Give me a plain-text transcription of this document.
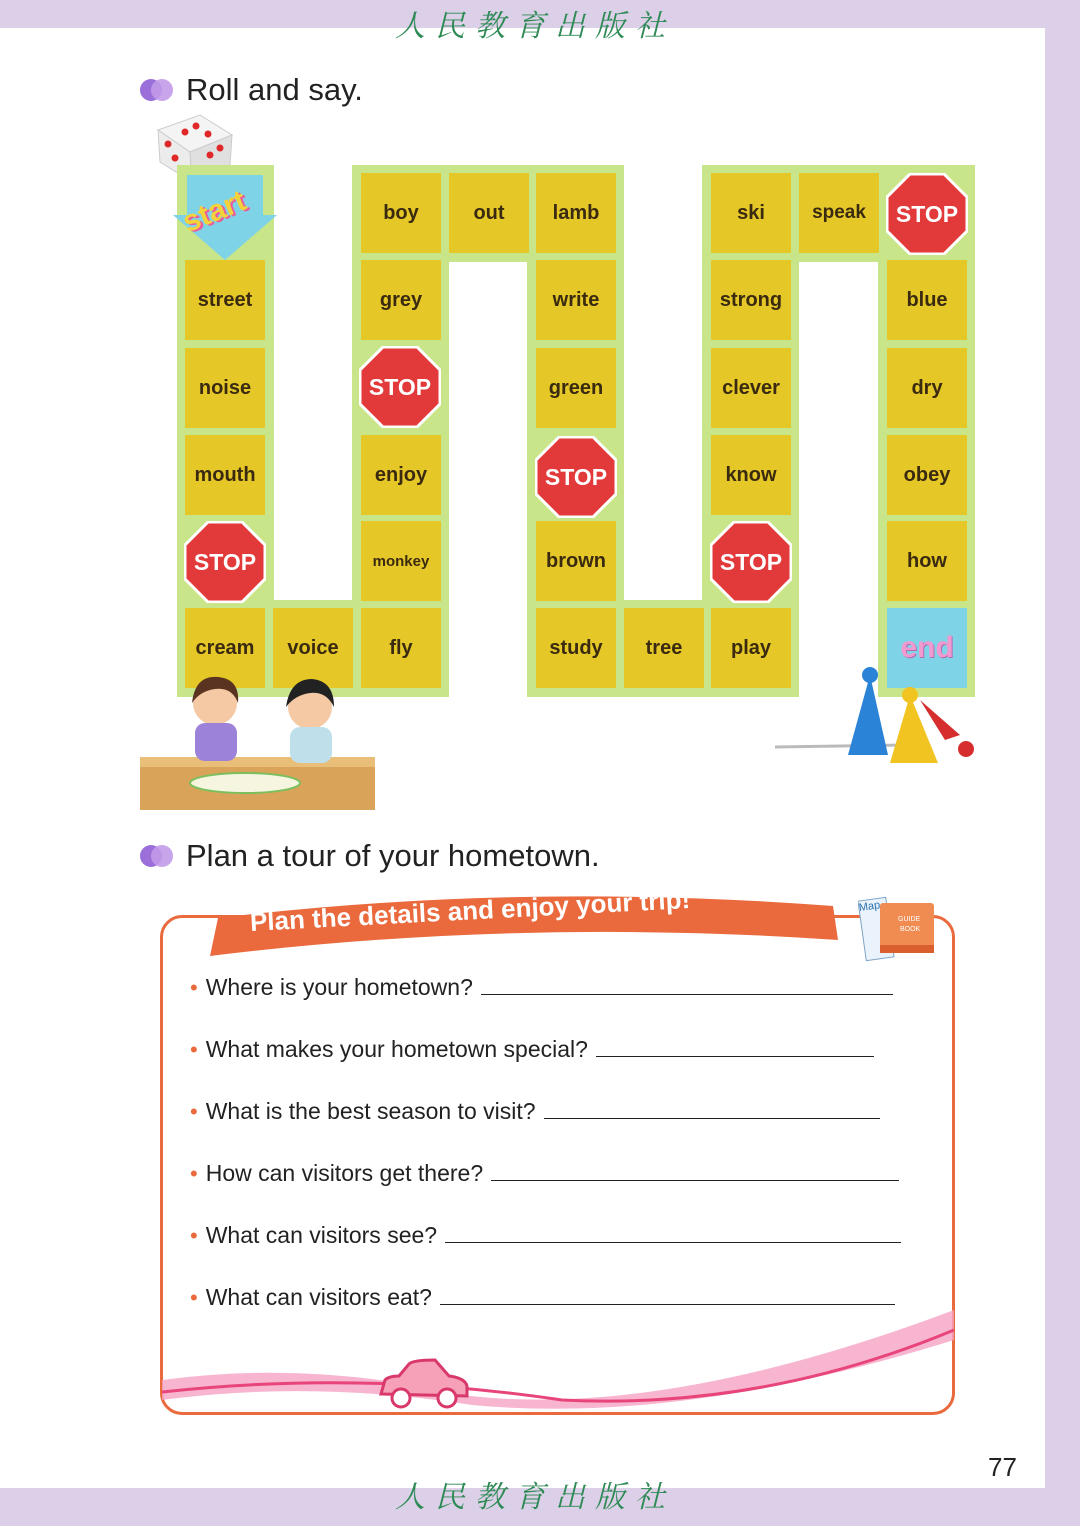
人民教育出版社
Roll and say.
start
street
noise
mouth
STOP
cream	voice
boy
grey
STOP
enjoy
monkey
fly
out	lamb
write
green
STOP
brown
study	tree
ski
strong
clever
know
STOP
play
speak	STOP
blue
dry
obey
how
end
Plan a tour of your hometown.
Plan the details and enjoy your trip!	Map
GUIDE
BOOK
• Where is your hometown?
• What makes your hometown special?
• What is the best season to visit?
• How can visitors get there?
• What can visitors see?
• What can visitors eat?
77
人民教育出版社
